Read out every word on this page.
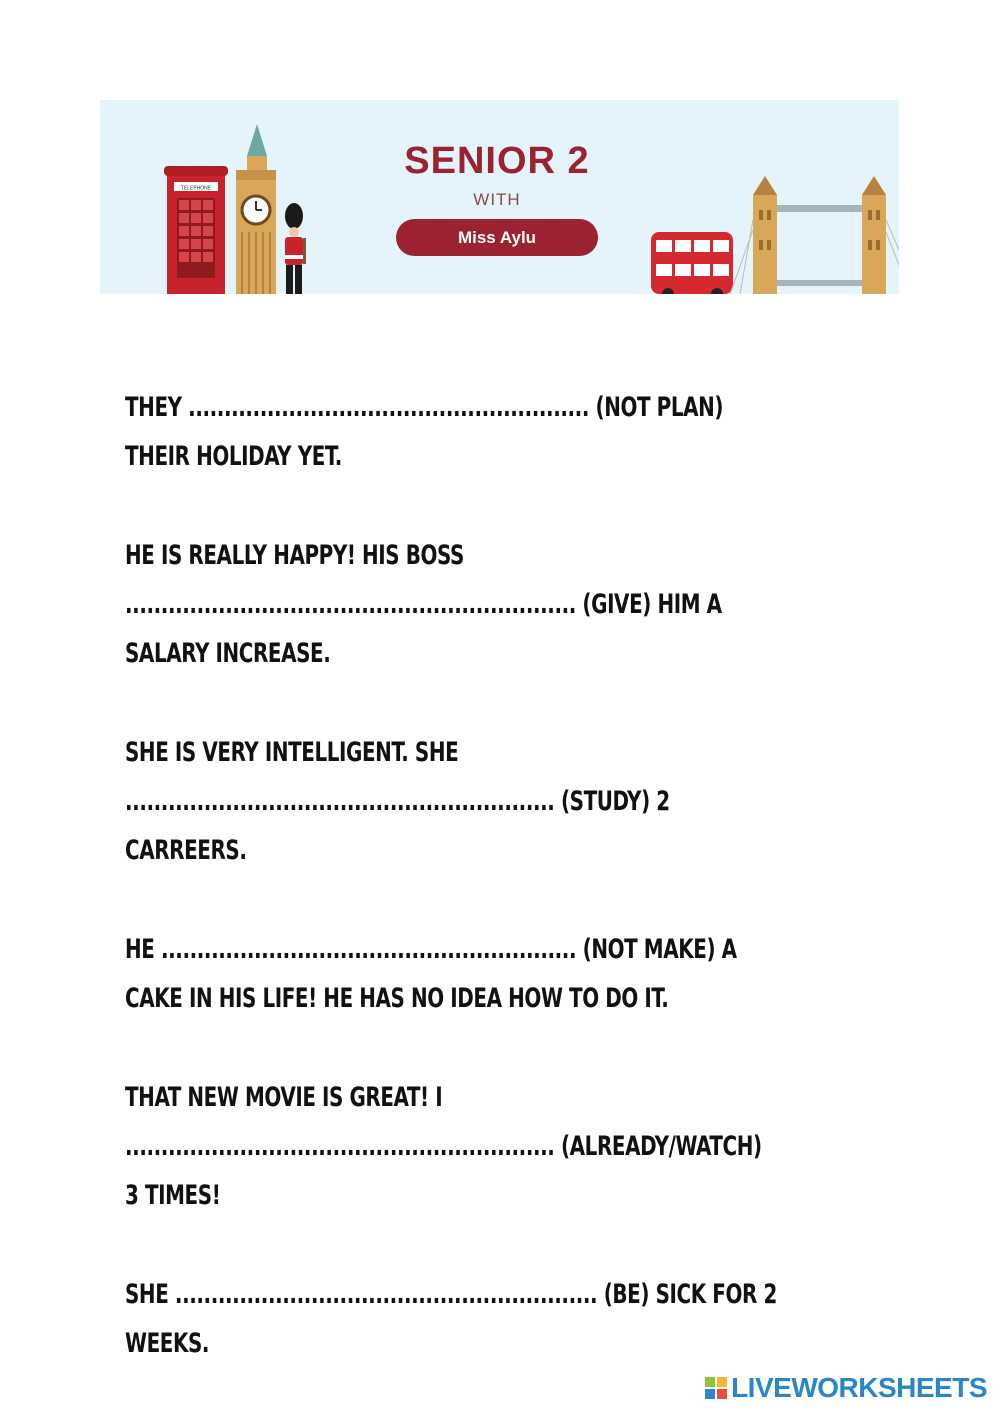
TELEPHONE
SENIOR 2
WITH
Miss Aylu
THEY ........................................................ (NOT PLAN)
THEIR HOLIDAY YET.
HE IS REALLY HAPPY! HIS BOSS
............................................................... (GIVE) HIM A
SALARY INCREASE.
SHE IS VERY INTELLIGENT. SHE
............................................................ (STUDY) 2
CARREERS.
HE .......................................................... (NOT MAKE) A
CAKE IN HIS LIFE! HE HAS NO IDEA HOW TO DO IT.
THAT NEW MOVIE IS GREAT! I
............................................................ (ALREADY/WATCH)
3 TIMES!
SHE ........................................................... (BE) SICK FOR 2
WEEKS.
LIVEWORKSHEETS
